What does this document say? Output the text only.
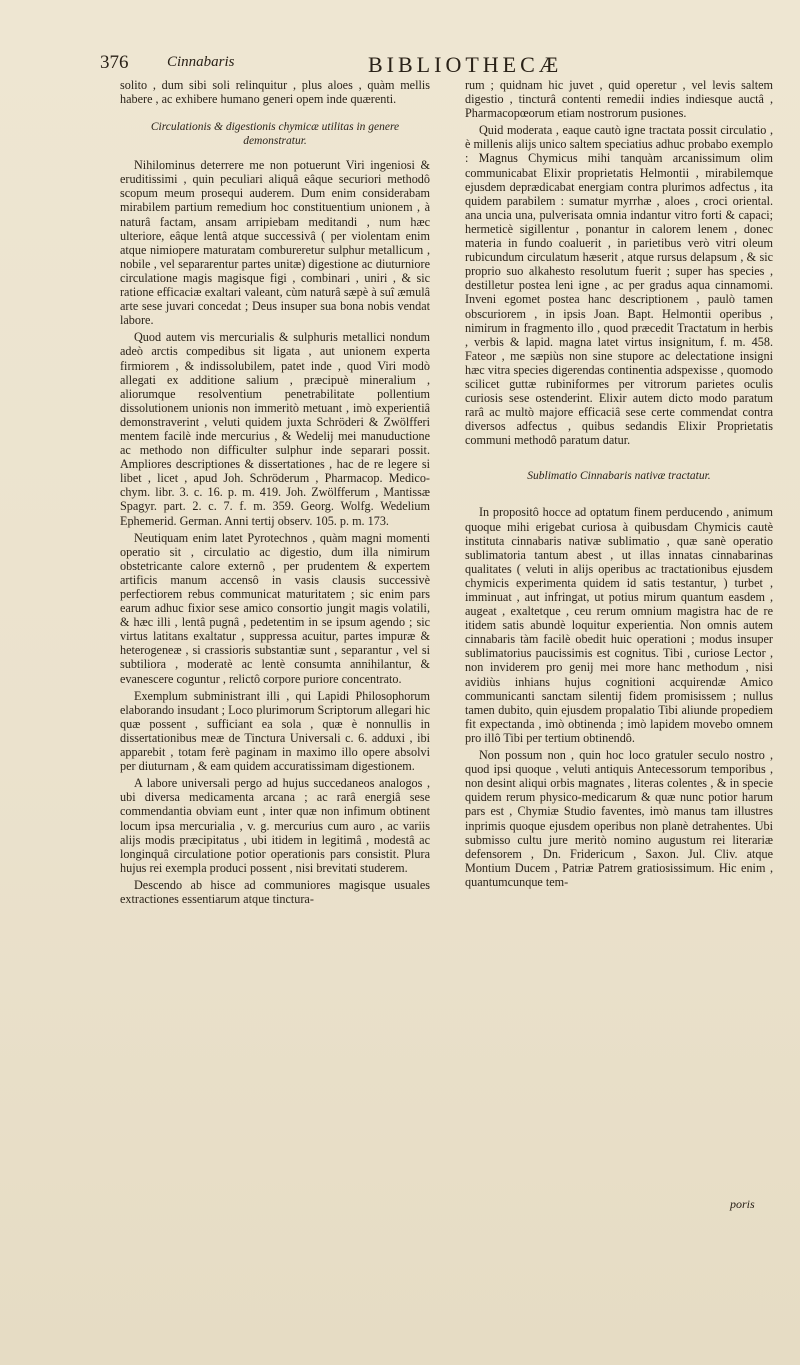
376	Cinnabaris	BIBLIOTHECÆ

solito , dum sibi soli relinquitur , plus aloes , quàm mellis habere , ac exhibere humano generi opem inde quærenti.

Circulationis & digestionis chymicæ utilitas in genere demonstratur.

Nihilominus deterrere me non potuerunt Viri ingeniosi & eruditissimi , quin peculiari aliquâ eâque securiori methodô scopum meum prosequi auderem. Dum enim considerabam mirabilem partium remedium hoc constituentium unionem , à naturâ factam, ansam arripiebam meditandi , num hæc ulteriore, eâque lentâ atque successivâ ( per violentam enim atque nimiopere maturatam combureretur sulphur metallicum , nobile , vel separarentur partes unitæ) digestione ac diuturniore circulatione magis magisque figi , combinari , uniri , & sic ratione efficaciæ exaltari valeant, cùm naturâ sæpè à suî æmulâ arte sese juvari concedat ; Deus insuper sua bona nobis vendat labore.

Quod autem vis mercurialis & sulphuris metallici nondum adeò arctis compedibus sit ligata , aut unionem experta firmiorem , & indissolubilem, patet inde , quod Viri modò allegati ex additione salium , præcipuè mineralium , aliorumque resolventium penetrabilitate pollentium dissolutionem unionis non immeritò metuant , imò experientiâ demonstraverint , veluti quidem juxta Schröderi & Zwölfferi mentem facilè inde mercurius , & Wedelij mei manuductione ac methodo non difficulter sulphur inde separari possit. Ampliores descriptiones & dissertationes , hac de re legere si libet , licet , apud Joh. Schröderum , Pharmacop. Medico-chym. libr. 3. c. 16. p. m. 419. Joh. Zwölfferum , Mantissæ Spagyr. part. 2. c. 7. f. m. 359. Georg. Wolfg. Wedelium Ephemerid. German. Anni tertij observ. 105. p. m. 173.

Neutiquam enim latet Pyrotechnos , quàm magni momenti operatio sit , circulatio ac digestio, dum illa nimirum obstetricante calore externô , per prudentem & expertem artificis manum accensô in vasis clausis successivè perfectiorem rebus communicat maturitatem ; sic enim pars earum adhuc fixior sese amico consortio jungit magis volatili, & hæc illi , lentâ pugnâ , pedetentim in se ipsum agendo ; sic virtus latitans exaltatur , suppressa acuitur, partes impuræ & heterogeneæ , si crassioris substantiæ sunt , separantur , vel si subtiliora , moderatè ac lentè consumta annihilantur, & evanescere coguntur , relictô corpore puriore concentrato.

Exemplum subministrant illi , qui Lapidi Philosophorum elaborando insudant ; Loco plurimorum Scriptorum allegari hic quæ possent , sufficiant ea sola , quæ è nonnullis in dissertationibus meæ de Tinctura Universali c. 6. adduxi , ibi apparebit , totam ferè paginam in maximo illo opere absolvi per diuturnam , & eam quidem accuratissimam digestionem.

A labore universali pergo ad hujus succedaneos analogos , ubi diversa medicamenta arcana ; ac rarâ energiâ sese commendantia obviam eunt , inter quæ non infimum obtinent locum ipsa mercurialia , v. g. mercurius cum auro , ac variis alijs modis præcipitatus , ubi itidem in legitimâ , modestâ ac longinquâ circulatione potior operationis pars consistit. Plura hujus rei exempla produci possent , nisi brevitati studerem.

Descendo ab hisce ad communiores magisque usuales extractiones essentiarum atque tinctura-

rum ; quidnam hic juvet , quid operetur , vel levis saltem digestio , tincturâ contenti remedii indies indiesque auctâ , Pharmacopœorum etiam nostrorum pusiones.

Quid moderata , eaque cautò igne tractata possit circulatio , è millenis alijs unico saltem speciatius adhuc probabo exemplo : Magnus Chymicus mihi tanquàm arcanissimum olim communicabat Elixir proprietatis Helmontii , mirabilemque ejusdem deprædicabat energiam contra plurimos adfectus , ita quidem parabilem : sumatur myrrhæ , aloes , croci oriental. ana uncia una, pulverisata omnia indantur vitro forti & capaci; hermeticè sigillentur , ponantur in calorem lenem , donec materia in fundo coaluerit , in parietibus verò vitri oleum rubicundum circulatum hæserit , atque rursus delapsum , & sic proprio suo alkahesto resolutum fuerit ; super has species , destilletur postea leni igne , ac per gradus aqua cinnamomi. Inveni egomet postea hanc descriptionem , paulò tamen obscuriorem , in ipsis Joan. Bapt. Helmontii operibus , nimirum in fragmento illo , quod præcedit Tractatum in herbis , verbis & lapid. magna latet virtus insignitum, f. m. 458. Fateor , me sæpiùs non sine stupore ac delectatione insigni hæc vitra species digerendas continentia adspexisse , quomodo scilicet guttæ rubiniformes per vitrorum parietes oculis curiosis sese ostenderint. Elixir autem dicto modo paratum rarâ ac multò majore efficaciâ sese certe commendat contra diversos adfectus , quibus sedandis Elixir Proprietatis communi methodô paratum datur.

Sublimatio Cinnabaris nativæ tractatur.

In propositô hocce ad optatum finem perducendo , animum quoque mihi erigebat curiosa à quibusdam Chymicis cautè instituta cinnabaris nativæ sublimatio , quæ sanè operatio sublimatoria tantum abest , ut illas innatas cinnabarinas qualitates ( veluti in alijs operibus ac tractationibus ejusdem chymicis experimenta quidem id satis testantur, ) turbet , imminuat , aut infringat, ut potius mirum quantum easdem , augeat , exaltetque , ceu rerum omnium magistra hac de re itidem satis abundè loquitur experientia. Non omnis autem cinnabaris tàm facilè obedit huic operationi ; modus insuper sublimatorius paucissimis est cognitus. Tibi , curiose Lector , non inviderem pro genij mei more hanc methodum , nisi avidiùs inhians hujus cognitioni acquirendæ Amico communicanti sanctam silentij fidem promisissem ; nullus tamen dubito, quin ejusdem propalatio Tibi aliunde propediem fit expectanda , imò obtinenda ; imò lapidem movebo omnem pro illô Tibi per tertium obtinendô.

Non possum non , quin hoc loco gratuler seculo nostro , quod ipsi quoque , veluti antiquis Antecessorum temporibus , non desint aliqui orbis magnates , literas colentes , & in specie quidem rerum physico-medicarum & quæ nunc potior harum pars est , Chymiæ Studio faventes, imò manus tam illustres inprimis quoque ejusdem operibus non planè detrahentes. Ubi submisso cultu jure meritò nomino augustum rei literariæ defensorem , Dn. Fridericum , Saxon. Jul. Cliv. atque Montium Ducem , Patriæ Patrem gratiosissimum. Hic enim , quantumcunque tem-

poris
